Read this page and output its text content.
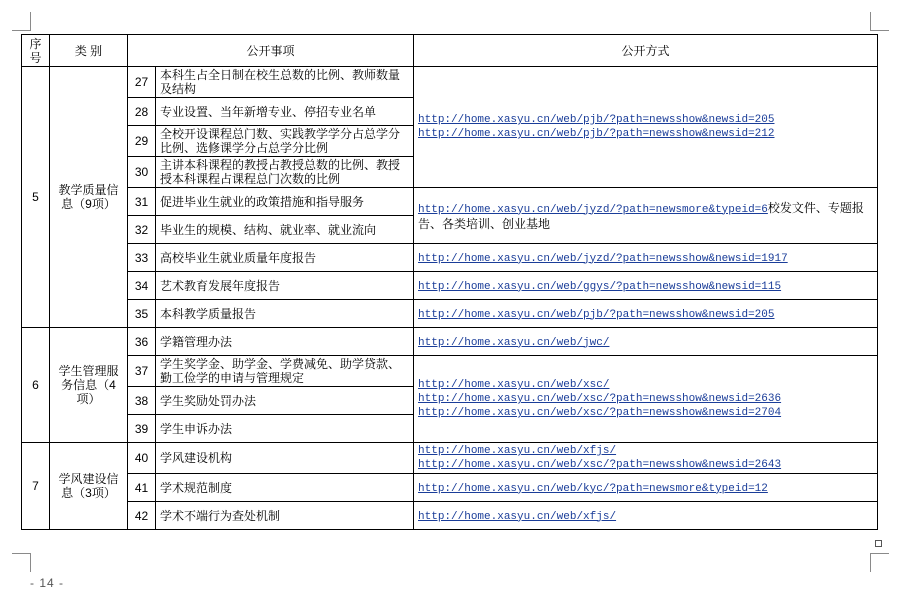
序号	类 别	公开事项		公开方式
5	教学质量信息（9项）	27	本科生占全日制在校生总数的比例、教师数量及结构	http://home.xasyu.cn/web/pjb/?path=newsshow&newsid=205
http://home.xasyu.cn/web/pjb/?path=newsshow&newsid=212

		28	专业设置、当年新增专业、停招专业名单	
		29	全校开设课程总门数、实践教学学分占总学分比例、选修课学分占总学分比例	
		30	主讲本科课程的教授占教授总数的比例、教授授本科课程占课程总门次数的比例	
		31	促进毕业生就业的政策措施和指导服务	http://home.xasyu.cn/web/jyzd/?path=newsmore&typeid=6校发文件、专题报告、各类培训、创业基地
		32	毕业生的规模、结构、就业率、就业流向	
		33	高校毕业生就业质量年度报告	http://home.xasyu.cn/web/jyzd/?path=newsshow&newsid=1917
		34	艺术教育发展年度报告	http://home.xasyu.cn/web/ggys/?path=newsshow&newsid=115
		35	本科教学质量报告	http://home.xasyu.cn/web/pjb/?path=newsshow&newsid=205
6	学生管理服务信息（4项）	36	学籍管理办法	http://home.xasyu.cn/web/jwc/
		37	学生奖学金、助学金、学费减免、助学贷款、勤工俭学的申请与管理规定	http://home.xasyu.cn/web/xsc/
http://home.xasyu.cn/web/xsc/?path=newsshow&newsid=2636
http://home.xasyu.cn/web/xsc/?path=newsshow&newsid=2704

		38	学生奖励处罚办法	
		39	学生申诉办法	
7	学风建设信息（3项）	40	学风建设机构	http://home.xasyu.cn/web/xfjs/
http://home.xasyu.cn/web/xsc/?path=newsshow&newsid=2643

		41	学术规范制度	http://home.xasyu.cn/web/kyc/?path=newsmore&typeid=12
		42	学术不端行为查处机制	http://home.xasyu.cn/web/xfjs/
- 14 -
